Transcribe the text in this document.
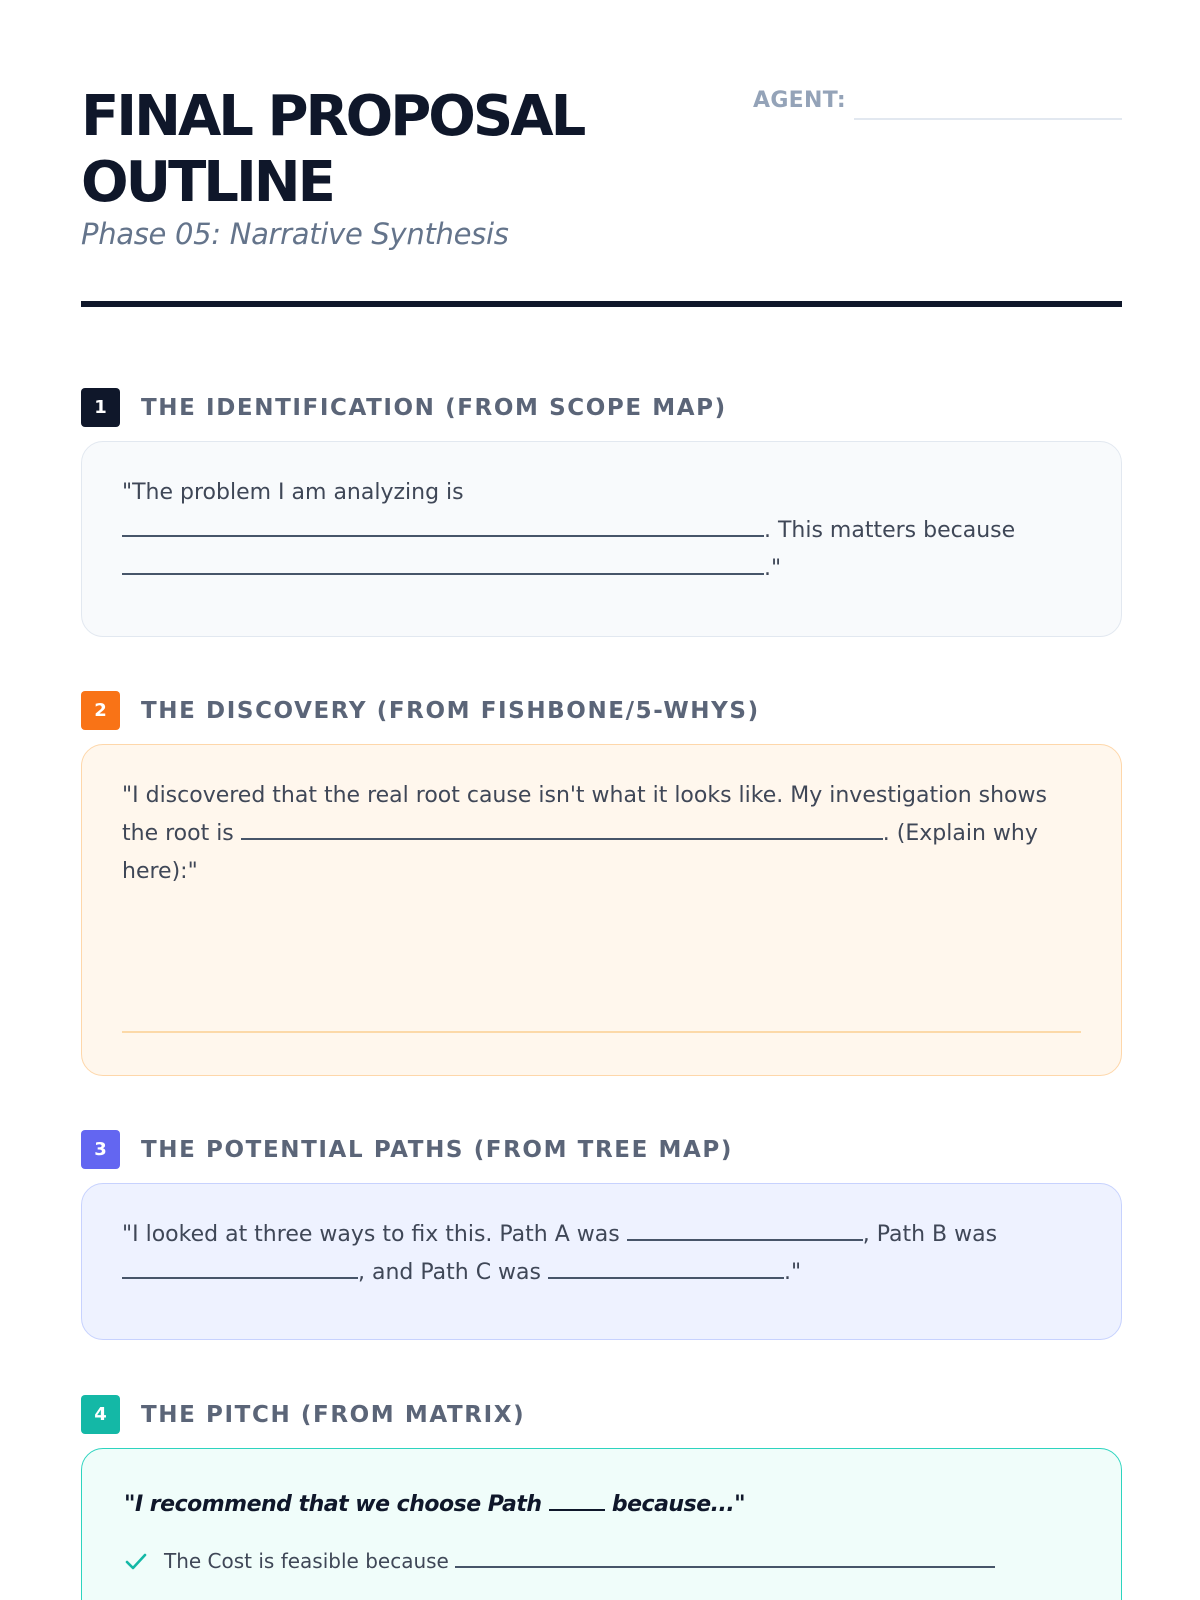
FINAL PROPOSAL
OUTLINE
Phase 05: Narrative Synthesis
AGENT:
1	THE IDENTIFICATION (FROM SCOPE MAP)
"The problem I am analyzing is
. This matters because
."
2	THE DISCOVERY (FROM FISHBONE/5-WHYS)
"I discovered that the real root cause isn't what it looks like. My investigation shows the root is	. (Explain why here):"
3	THE POTENTIAL PATHS (FROM TREE MAP)
"I looked at three ways to fix this. Path A was	, Path B was
, and Path C was	."
4	THE PITCH (FROM MATRIX)
"I recommend that we choose Path	because..."
The Cost is feasible because
